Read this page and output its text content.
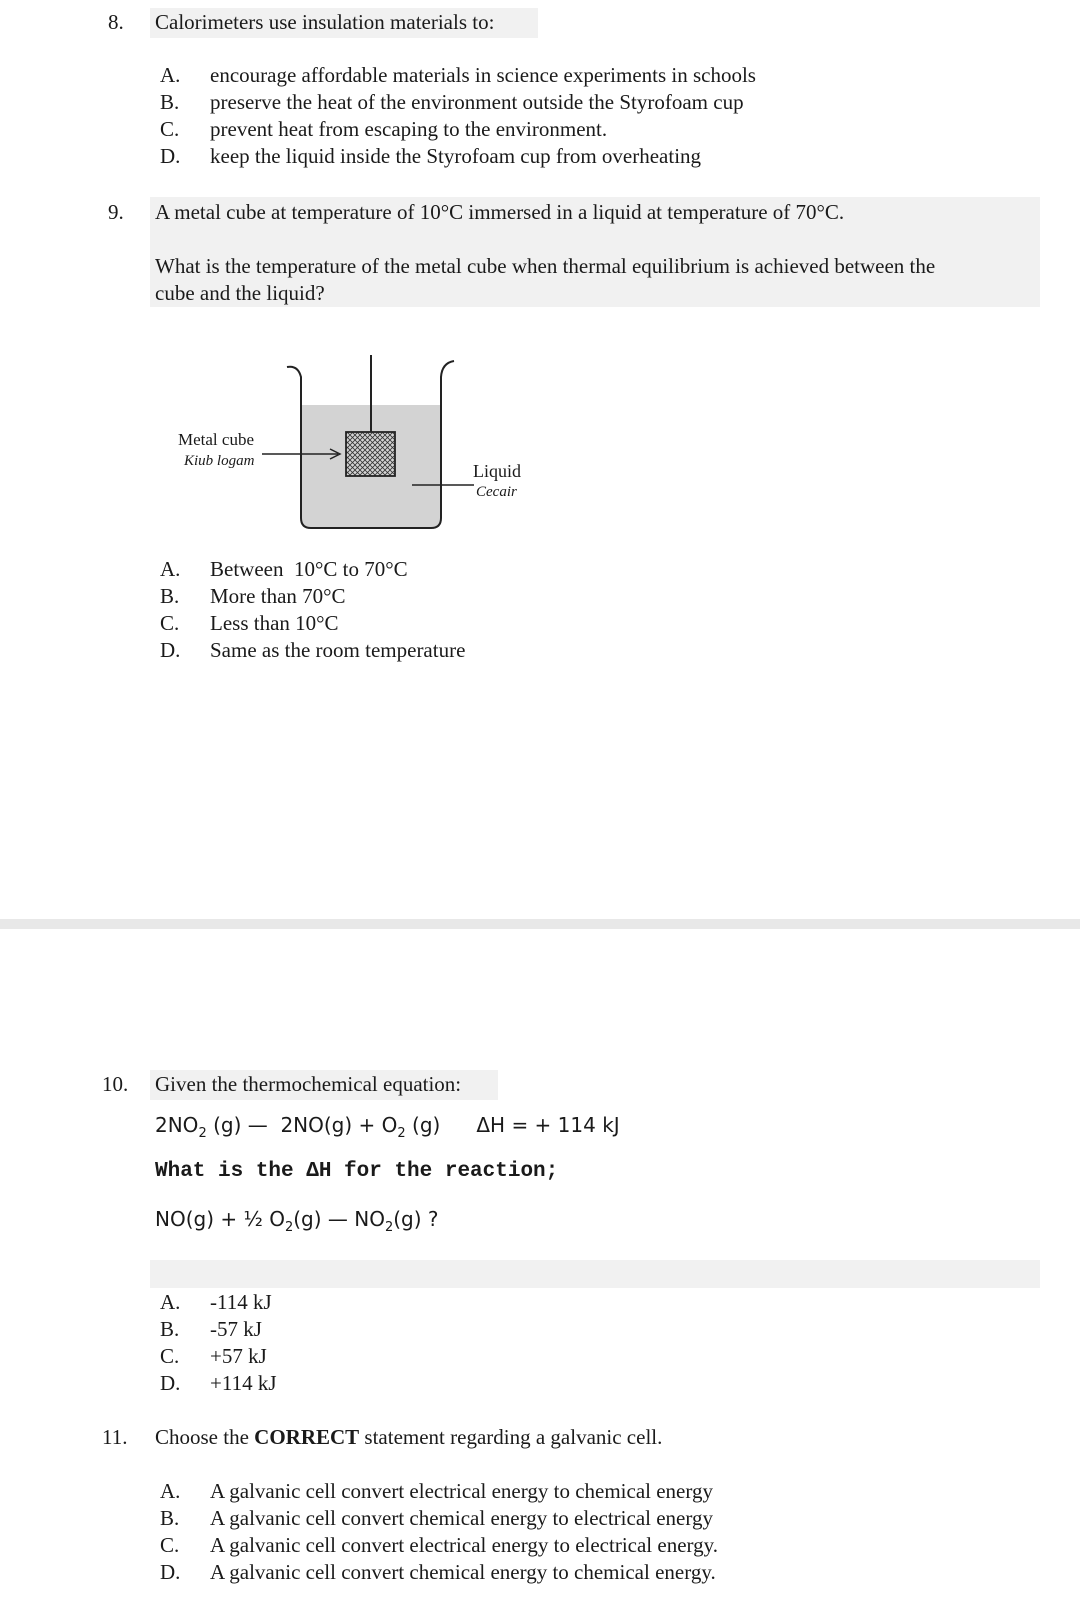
8. Calorimeters use insulation materials to:
A. encourage affordable materials in science experiments in schools
B. preserve the heat of the environment outside the Styrofoam cup
C. prevent heat from escaping to the environment.
D. keep the liquid inside the Styrofoam cup from overheating
9. A metal cube at temperature of 10°C immersed in a liquid at temperature of 70°C.
What is the temperature of the metal cube when thermal equilibrium is achieved between the
cube and the liquid?
Metal cube
Kiub logam	Liquid
Cecair
A. Between  10°C to 70°C
B. More than 70°C
C. Less than 10°C
D. Same as the room temperature
10. Given the thermochemical equation:
$2NO_2$ (g) —  $2NO(g) + O_2$ (g) ΔH = + 114 kJ
What is the ΔH for the reaction;
NO(g) + ½ $O_2(g)$ — $NO_2(g)$ ?
A. -114 kJ
B. -57 kJ
C. +57 kJ
D. +114 kJ
11. Choose the CORRECT statement regarding a galvanic cell.
A. A galvanic cell convert electrical energy to chemical energy
B. A galvanic cell convert chemical energy to electrical energy
C. A galvanic cell convert electrical energy to electrical energy.
D. A galvanic cell convert chemical energy to chemical energy.
